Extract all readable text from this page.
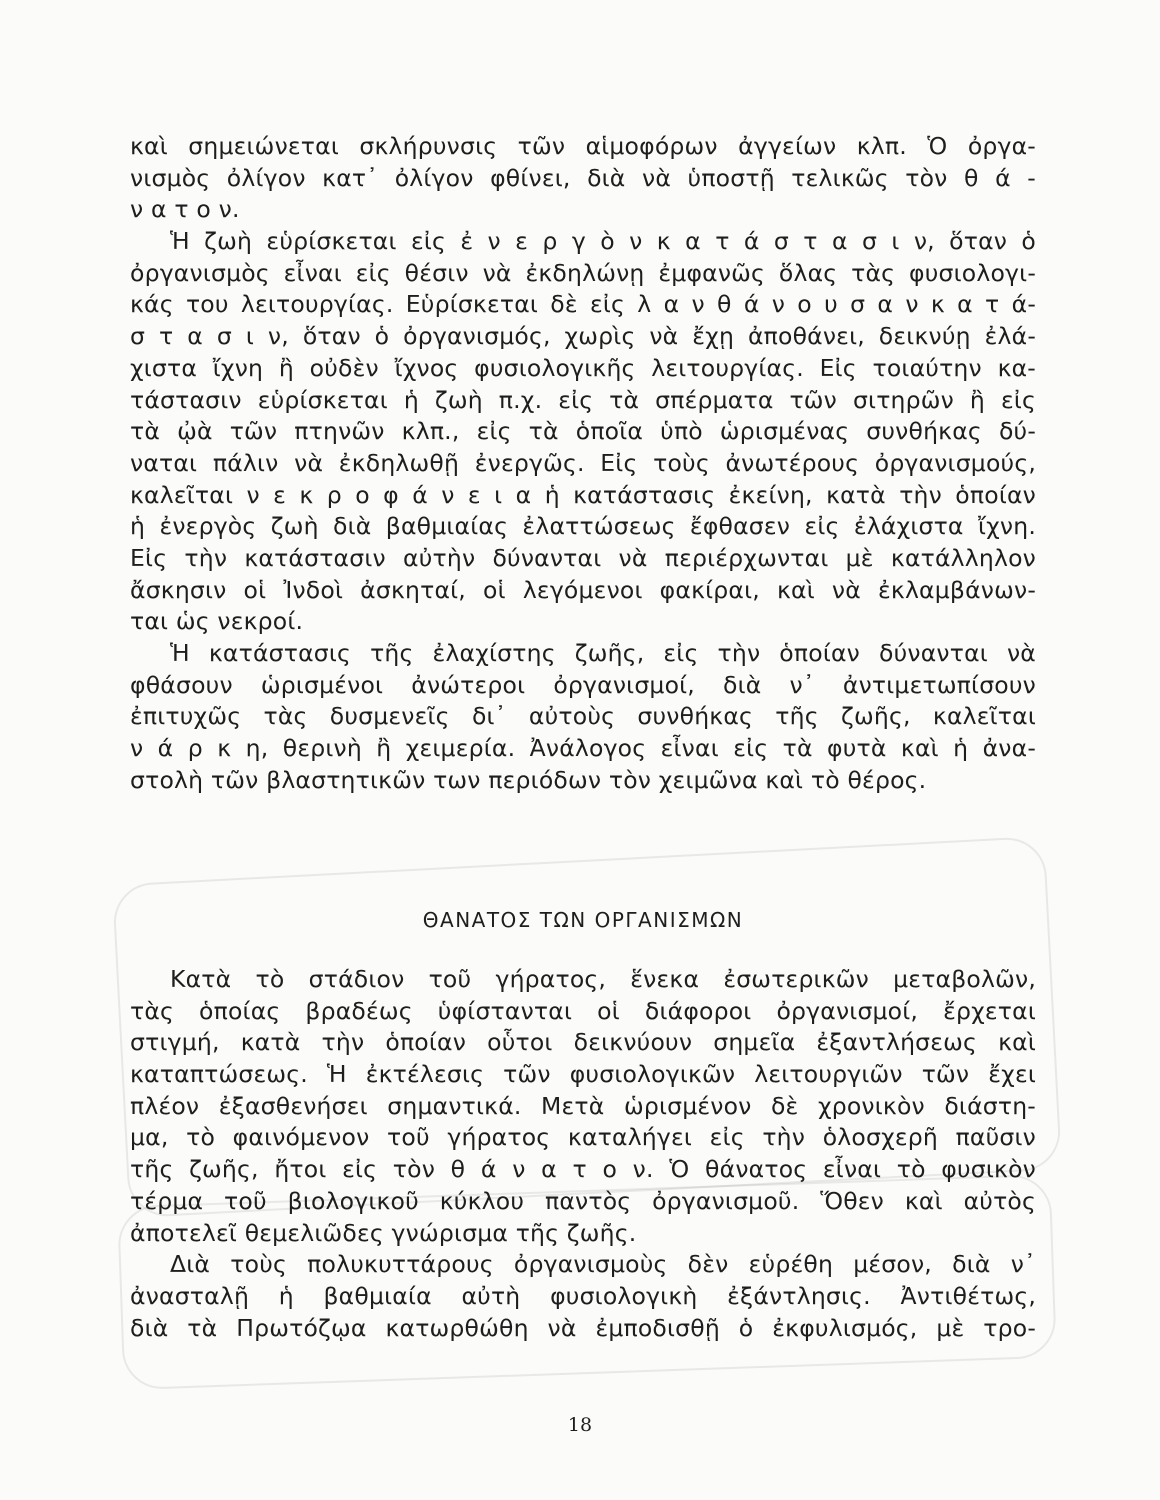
καὶ σημειώνεται σκλήρυνσις τῶν αἱμοφόρων ἀγγείων κλπ. Ὁ ὀργα-
νισμὸς ὀλίγον κατ᾽ ὀλίγον φθίνει, διὰ νὰ ὑποστῇ τελικῶς τὸν θ ά -
ν α τ ο ν.
Ἡ ζωὴ εὑρίσκεται εἰς ἐ ν ε ρ γ ὸ ν κ α τ ά σ τ α σ ι ν, ὅταν ὁ
ὀργανισμὸς εἶναι εἰς θέσιν νὰ ἐκδηλώνῃ ἐμφανῶς ὅλας τὰς φυσιολογι-
κάς του λειτουργίας. Εὑρίσκεται δὲ εἰς λ α ν θ ά ν ο υ σ α ν κ α τ ά-
σ τ α σ ι ν, ὅταν ὁ ὀργανισμός, χωρὶς νὰ ἔχῃ ἀποθάνει, δεικνύῃ ἐλά-
χιστα ἴχνη ἢ οὐδὲν ἴχνος φυσιολογικῆς λειτουργίας. Εἰς τοιαύτην κα-
τάστασιν εὑρίσκεται ἡ ζωὴ π.χ. εἰς τὰ σπέρματα τῶν σιτηρῶν ἢ εἰς
τὰ ᾠὰ τῶν πτηνῶν κλπ., εἰς τὰ ὁποῖα ὑπὸ ὡρισμένας συνθήκας δύ-
ναται πάλιν νὰ ἐκδηλωθῇ ἐνεργῶς. Εἰς τοὺς ἀνωτέρους ὀργανισμούς,
καλεῖται ν ε κ ρ ο φ ά ν ε ι α ἡ κατάστασις ἐκείνη, κατὰ τὴν ὁποίαν
ἡ ἐνεργὸς ζωὴ διὰ βαθμιαίας ἐλαττώσεως ἔφθασεν εἰς ἐλάχιστα ἴχνη.
Εἰς τὴν κατάστασιν αὐτὴν δύνανται νὰ περιέρχωνται μὲ κατάλληλον
ἄσκησιν οἱ Ἰνδοὶ ἀσκηταί, οἱ λεγόμενοι φακίραι, καὶ νὰ ἐκλαμβάνων-
ται ὡς νεκροί.
Ἡ κατάστασις τῆς ἐλαχίστης ζωῆς, εἰς τὴν ὁποίαν δύνανται νὰ
φθάσουν ὡρισμένοι ἀνώτεροι ὀργανισμοί, διὰ ν᾽ ἀντιμετωπίσουν
ἐπιτυχῶς τὰς δυσμενεῖς δι᾽ αὐτοὺς συνθήκας τῆς ζωῆς, καλεῖται
ν ά ρ κ η, θερινὴ ἢ χειμερία. Ἀνάλογος εἶναι εἰς τὰ φυτὰ καὶ ἡ ἀνα-
στολὴ τῶν βλαστητικῶν των περιόδων τὸν χειμῶνα καὶ τὸ θέρος.
ΘΑΝΑΤΟΣ ΤΩΝ ΟΡΓΑΝΙΣΜΩΝ
Κατὰ τὸ στάδιον τοῦ γήρατος, ἕνεκα ἐσωτερικῶν μεταβολῶν,
τὰς ὁποίας βραδέως ὑφίστανται οἱ διάφοροι ὀργανισμοί, ἔρχεται
στιγμή, κατὰ τὴν ὁποίαν οὗτοι δεικνύουν σημεῖα ἐξαντλήσεως καὶ
καταπτώσεως. Ἡ ἐκτέλεσις τῶν φυσιολογικῶν λειτουργιῶν τῶν ἔχει
πλέον ἐξασθενήσει σημαντικά. Μετὰ ὡρισμένον δὲ χρονικὸν διάστη-
μα, τὸ φαινόμενον τοῦ γήρατος καταλήγει εἰς τὴν ὁλοσχερῆ παῦσιν
τῆς ζωῆς, ἤτοι εἰς τὸν θ ά ν α τ ο ν. Ὁ θάνατος εἶναι τὸ φυσικὸν
τέρμα τοῦ βιολογικοῦ κύκλου παντὸς ὀργανισμοῦ. Ὅθεν καὶ αὐτὸς
ἀποτελεῖ θεμελιῶδες γνώρισμα τῆς ζωῆς.
Διὰ τοὺς πολυκυττάρους ὀργανισμοὺς δὲν εὑρέθη μέσον, διὰ ν᾽
ἀνασταλῇ ἡ βαθμιαία αὐτὴ φυσιολογικὴ ἐξάντλησις. Ἀντιθέτως,
διὰ τὰ Πρωτόζῳα κατωρθώθη νὰ ἐμποδισθῇ ὁ ἐκφυλισμός, μὲ τρο-
18
